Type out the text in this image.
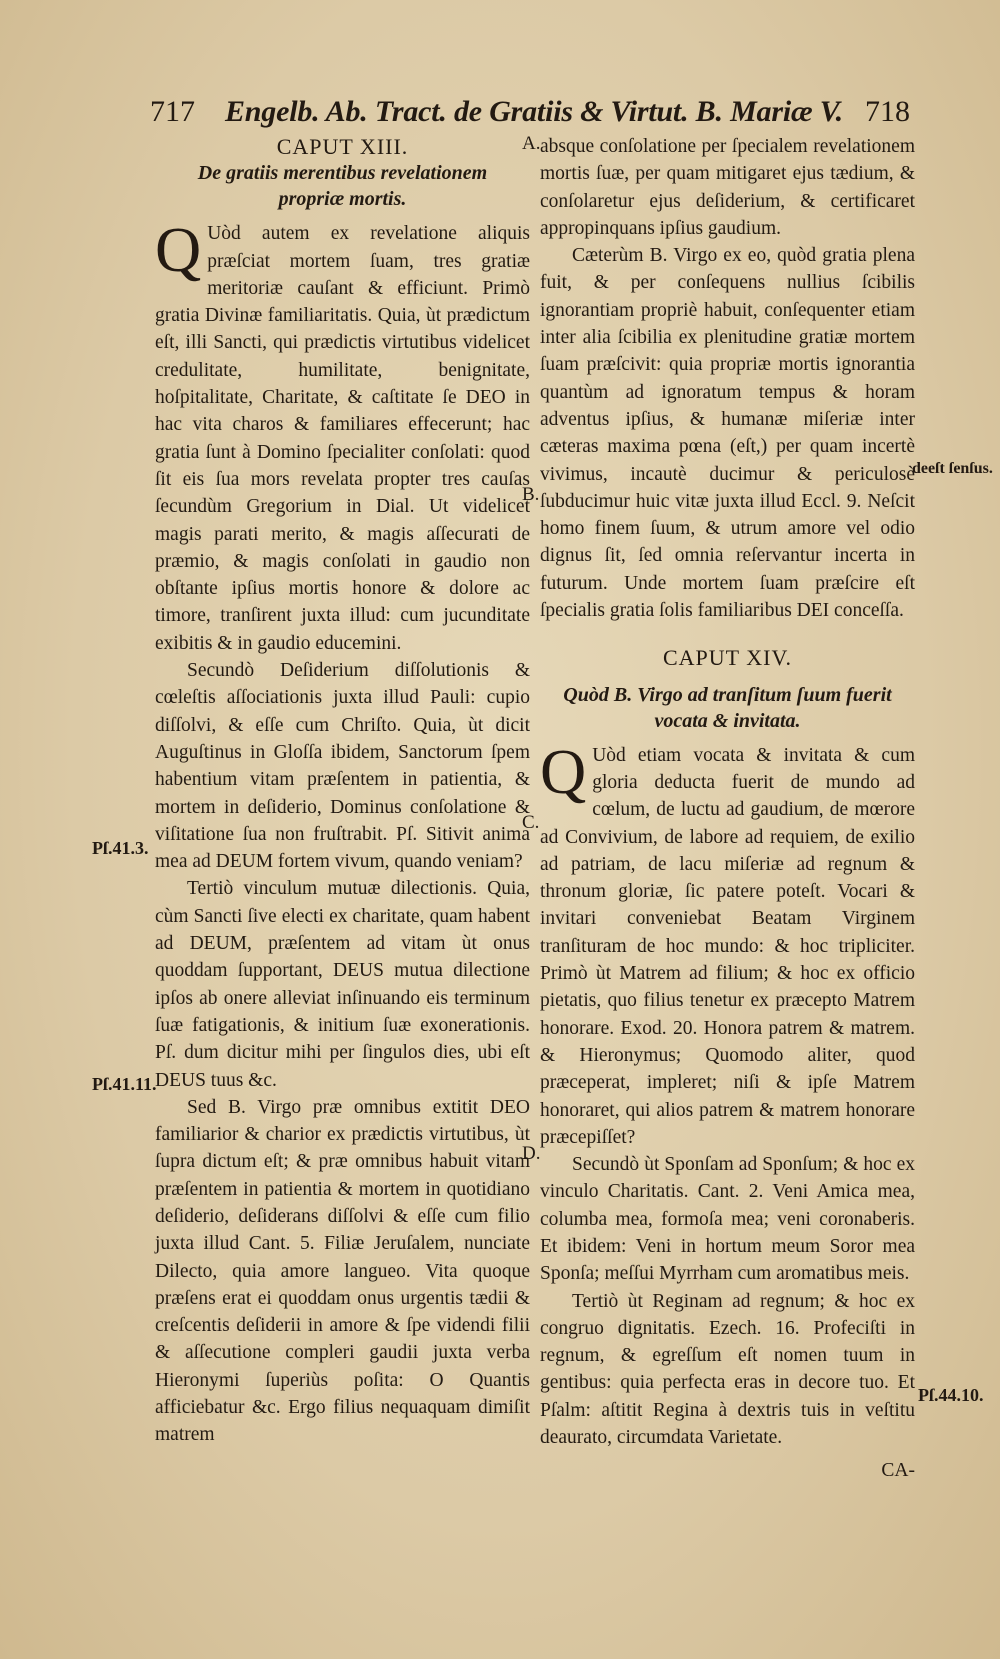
717 Engelb. Ab. Tract. de Gratiis & Virtut. B. Mariæ V. 718
CAPUT XIII.
De gratiis merentibus revelationem propriæ mortis.

Q Uòd autem ex revelatione aliquis præſciat mortem ſuam, tres gratiæ meritoriæ cauſant & efficiunt. Primò gratia Divinæ familiaritatis. Quia, ùt prædictum eſt, illi Sancti, qui prædictis virtutibus videlicet credulitate, humilitate, benignitate, hoſpitalitate, Charitate, & caſtitate ſe DEO in hac vita charos & familiares effecerunt; hac gratia ſunt à Domino ſpecialiter conſolati: quod ſit eis ſua mors revelata propter tres cauſas ſecundùm Gregorium in Dial. Ut videlicet magis parati merito, & magis aſſecurati de præmio, & magis conſolati in gaudio non obſtante ipſius mortis honore & dolore ac timore, tranſirent juxta illud: cum jucunditate exibitis & in gaudio educemini.

Secundò Deſiderium diſſolutionis & cœleſtis aſſociationis juxta illud Pauli: cupio diſſolvi, & eſſe cum Chriſto. Quia, ùt dicit Auguſtinus in Gloſſa ibidem, Sanctorum ſpem habentium vitam præſentem in patientia, & mortem in deſiderio, Dominus conſolatione & viſitatione ſua non fruſtrabit. Pſ. Sitivit anima mea ad DEUM fortem vivum, quando veniam?

Tertiò vinculum mutuæ dilectionis. Quia, cùm Sancti ſive electi ex charitate, quam habent ad DEUM, præſentem ad vitam ùt onus quoddam ſupportant, DEUS mutua dilectione ipſos ab onere alleviat inſinuando eis terminum ſuæ fatigationis, & initium ſuæ exonerationis. Pſ. dum dicitur mihi per ſingulos dies, ubi eſt DEUS tuus &c.

Sed B. Virgo præ omnibus extitit DEO familiarior & charior ex prædictis virtutibus, ùt ſupra dictum eſt; & præ omnibus habuit vitam præſentem in patientia & mortem in quotidiano deſiderio, deſiderans diſſolvi & eſſe cum filio juxta illud Cant. 5. Filiæ Jeruſalem, nunciate Dilecto, quia amore langueo. Vita quoque præſens erat ei quoddam onus urgentis tædii & creſcentis deſiderii in amore & ſpe videndi filii & aſſecutione compleri gaudii juxta verba Hieronymi ſuperiùs poſita: O Quantis afficiebatur &c. Ergo filius nequaquam dimiſit matrem

absque conſolatione per ſpecialem revelationem mortis ſuæ, per quam mitigaret ejus tædium, & conſolaretur ejus deſiderium, & certificaret appropinquans ipſius gaudium.

Cæterùm B. Virgo ex eo, quòd gratia plena fuit, & per conſequens nullius ſcibilis ignorantiam propriè habuit, conſequenter etiam inter alia ſcibilia ex plenitudine gratiæ mortem ſuam præſcivit: quia propriæ mortis ignorantia quantùm ad ignoratum tempus & horam adventus ipſius, & humanæ miſeriæ inter cæteras maxima pœna (eſt,) per quam incertè vivimus, incautè ducimur & periculosè ſubducimur huic vitæ juxta illud Eccl. 9. Neſcit homo finem ſuum, & utrum amore vel odio dignus ſit, ſed omnia reſervantur incerta in futurum. Unde mortem ſuam præſcire eſt ſpecialis gratia ſolis familiaribus DEI conceſſa.

CAPUT XIV.
Quòd B. Virgo ad tranſitum ſuum fuerit vocata & invitata.

Q Uòd etiam vocata & invitata & cum gloria deducta fuerit de mundo ad cœlum, de luctu ad gaudium, de mœrore ad Convivium, de labore ad requiem, de exilio ad patriam, de lacu miſeriæ ad regnum & thronum gloriæ, ſic patere poteſt. Vocari & invitari conveniebat Beatam Virginem tranſituram de hoc mundo: & hoc tripliciter. Primò ùt Matrem ad filium; & hoc ex officio pietatis, quo filius tenetur ex præcepto Matrem honorare. Exod. 20. Honora patrem & matrem. & Hieronymus; Quomodo aliter, quod præceperat, impleret; niſi & ipſe Matrem honoraret, qui alios patrem & matrem honorare præcepiſſet?

Secundò ùt Sponſam ad Sponſum; & hoc ex vinculo Charitatis. Cant. 2. Veni Amica mea, columba mea, formoſa mea; veni coronaberis. Et ibidem: Veni in hortum meum Soror mea Sponſa; meſſui Myrrham cum aromatibus meis.

Tertiò ùt Reginam ad regnum; & hoc ex congruo dignitatis. Ezech. 16. Profeciſti in regnum, & egreſſum eſt nomen tuum in gentibus: quia perfecta eras in decore tuo. Et Pſalm: aſtitit Regina à dextris tuis in veſtitu deaurato, circumdata Varietate.

CA-

Pſ.41.3.
Pſ.41.11.
deeſt ſenſus.
Pſ.44.10.
A.
B.
C.
D.
